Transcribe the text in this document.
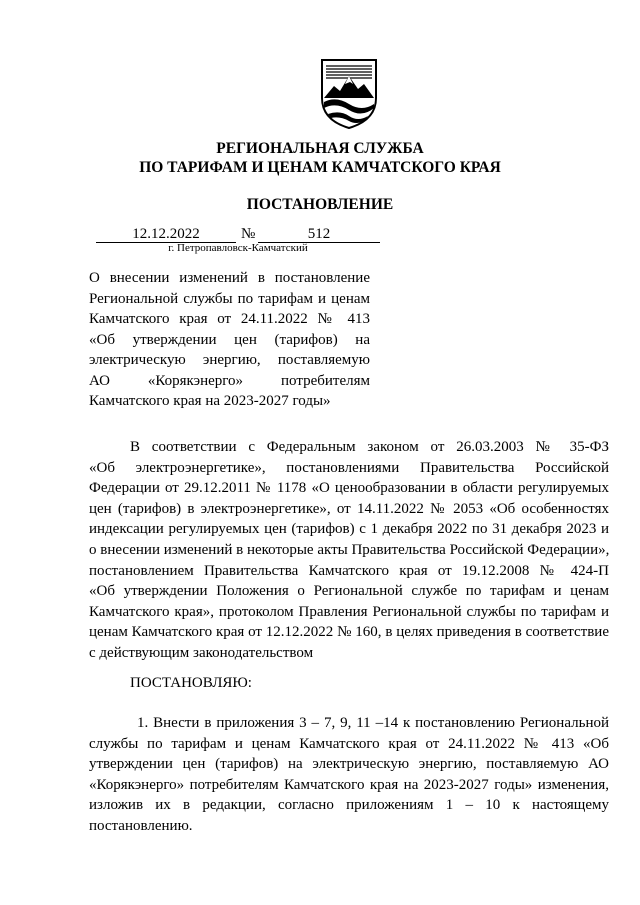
РЕГИОНАЛЬНАЯ СЛУЖБА
ПО ТАРИФАМ И ЦЕНАМ КАМЧАТСКОГО КРАЯ
ПОСТАНОВЛЕНИЕ
12.12.2022	№	512
г. Петропавловск-Камчатский
О внесении изменений в постановление
Региональной службы по тарифам и ценам
Камчатского края от 24.11.2022 № 413
«Об утверждении цен (тарифов) на
электрическую энергию, поставляемую
АО «Корякэнерго» потребителям
Камчатского края на 2023-2027 годы»
В соответствии с Федеральным законом от 26.03.2003 № 35-ФЗ
«Об электроэнергетике», постановлениями Правительства Российской
Федерации от 29.12.2011 № 1178 «О ценообразовании в области регулируемых
цен (тарифов) в электроэнергетике», от 14.11.2022 № 2053 «Об особенностях
индексации регулируемых цен (тарифов) с 1 декабря 2022 по 31 декабря 2023 и
о внесении изменений в некоторые акты Правительства Российской Федерации»,
постановлением Правительства Камчатского края от 19.12.2008 № 424-П
«Об утверждении Положения о Региональной службе по тарифам и ценам
Камчатского края», протоколом Правления Региональной службы по тарифам и
ценам Камчатского края от 12.12.2022 № 160, в целях приведения в соответствие
с действующим законодательством
ПОСТАНОВЛЯЮ:
1. Внести в приложения 3 – 7, 9, 11 –14 к постановлению Региональной
службы по тарифам и ценам Камчатского края от 24.11.2022 № 413 «Об
утверждении цен (тарифов) на электрическую энергию, поставляемую АО
«Корякэнерго» потребителям Камчатского края на 2023-2027 годы» изменения,
изложив их в редакции, согласно приложениям 1 – 10 к настоящему
постановлению.
